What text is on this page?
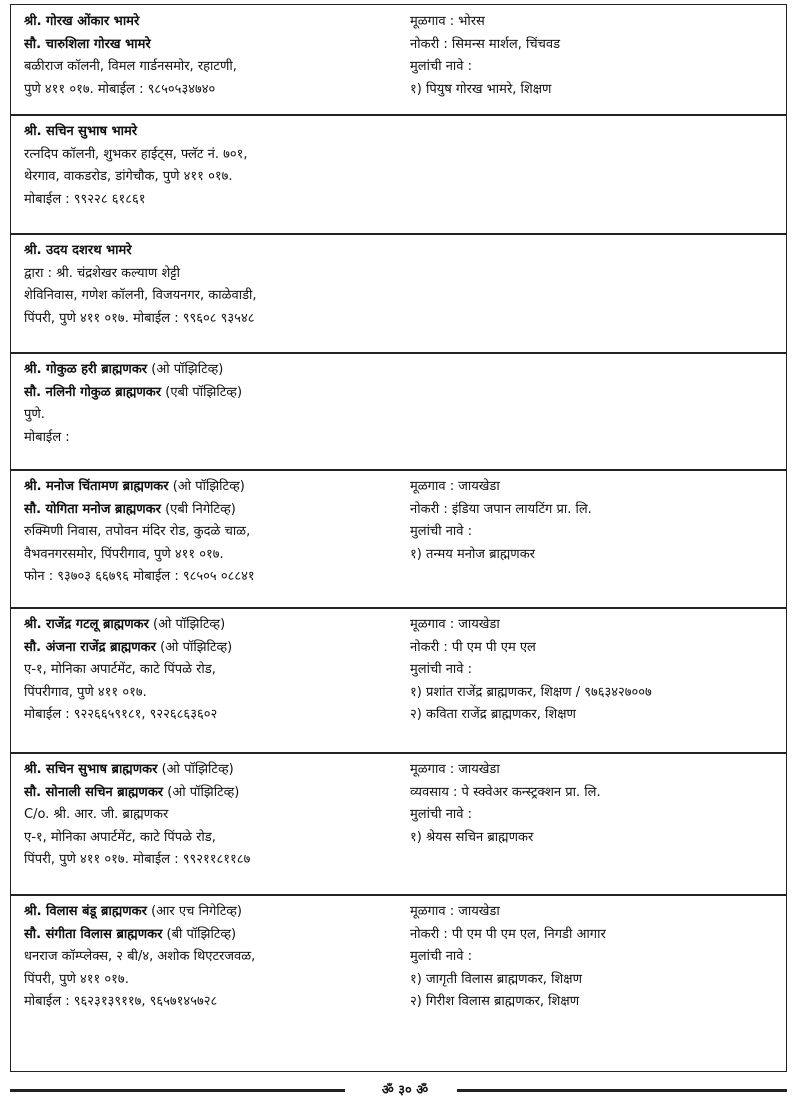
श्री. गोरख ओंकार भामरे
सौ. चारुशिला गोरख भामरे
बळीराज कॉलनी, विमल गार्डनसमोर, रहाटणी,
पुणे ४११ ०१७. मोबाईल : ९८५०५३४७४०
मूळगाव : भोरस
नोकरी : सिमन्स मार्शल, चिंचवड
मुलांची नावे :
१) पियुष गोरख भामरे, शिक्षण
श्री. सचिन सुभाष भामरे
रत्नदिप कॉलनी, शुभकर हाईट्स, फ्लॅट नं. ७०१,
थेरगाव, वाकडरोड, डांगेचौक, पुणे ४११ ०१७.
मोबाईल : ९९२२८ ६१८६१
श्री. उदय दशरथ भामरे
द्वारा : श्री. चंद्रशेखर कल्याण शेट्टी
शेविनिवास, गणेश कॉलनी, विजयनगर, काळेवाडी,
पिंपरी, पुणे ४११ ०१७. मोबाईल : ९९६०८ ९३५४८
श्री. गोकुळ हरी ब्राह्मणकर (ओ पॉझिटिव्ह)
सौ. नलिनी गोकुळ ब्राह्मणकर (एबी पॉझिटिव्ह)
पुणे.
मोबाईल :
श्री. मनोज चिंतामण ब्राह्मणकर (ओ पॉझिटिव्ह)
सौ. योगिता मनोज ब्राह्मणकर (एबी निगेटिव्ह)
रुक्मिणी निवास, तपोवन मंदिर रोड, कुदळे चाळ,
वैभवनगरसमोर, पिंपरीगाव, पुणे ४११ ०१७.
फोन : ९३७०३ ६६७९६ मोबाईल : ९८५०५ ०८८४१
मूळगाव : जायखेडा
नोकरी : इंडिया जपान लायटिंग प्रा. लि.
मुलांची नावे :
१) तन्मय मनोज ब्राह्मणकर
श्री. राजेंद्र गटलू ब्राह्मणकर (ओ पॉझिटिव्ह)
सौ. अंजना राजेंद्र ब्राह्मणकर (ओ पॉझिटिव्ह)
ए-१, मोनिका अपार्टमेंट, काटे पिंपळे रोड,
पिंपरीगाव, पुणे ४११ ०१७.
मोबाईल : ९२२६६५९१८१, ९२२६८६३६०२
मूळगाव : जायखेडा
नोकरी : पी एम पी एम एल
मुलांची नावे :
१) प्रशांत राजेंद्र ब्राह्मणकर, शिक्षण / ९७६३४२७००७
२) कविता राजेंद्र ब्राह्मणकर, शिक्षण
श्री. सचिन सुभाष ब्राह्मणकर (ओ पॉझिटिव्ह)
सौ. सोनाली सचिन ब्राह्मणकर (ओ पॉझिटिव्ह)
C/o. श्री. आर. जी. ब्राह्मणकर
ए-१, मोनिका अपार्टमेंट, काटे पिंपळे रोड,
पिंपरी, पुणे ४११ ०१७. मोबाईल : ९९२११८११८७
मूळगाव : जायखेडा
व्यवसाय : पे स्क्वेअर कन्स्ट्रक्शन प्रा. लि.
मुलांची नावे :
१) श्रेयस सचिन ब्राह्मणकर
श्री. विलास बंडू ब्राह्मणकर (आर एच निगेटिव्ह)
सौ. संगीता विलास ब्राह्मणकर (बी पॉझिटिव्ह)
धनराज कॉम्प्लेक्स, २ बी/४, अशोक थिएटरजवळ,
पिंपरी, पुणे ४११ ०१७.
मोबाईल : ९६२३१३९११७, ९६५७१४५७२८
मूळगाव : जायखेडा
नोकरी : पी एम पी एम एल, निगडी आगार
मुलांची नावे :
१) जागृती विलास ब्राह्मणकर, शिक्षण
२) गिरीश विलास ब्राह्मणकर, शिक्षण
ॐ ३० ॐ
